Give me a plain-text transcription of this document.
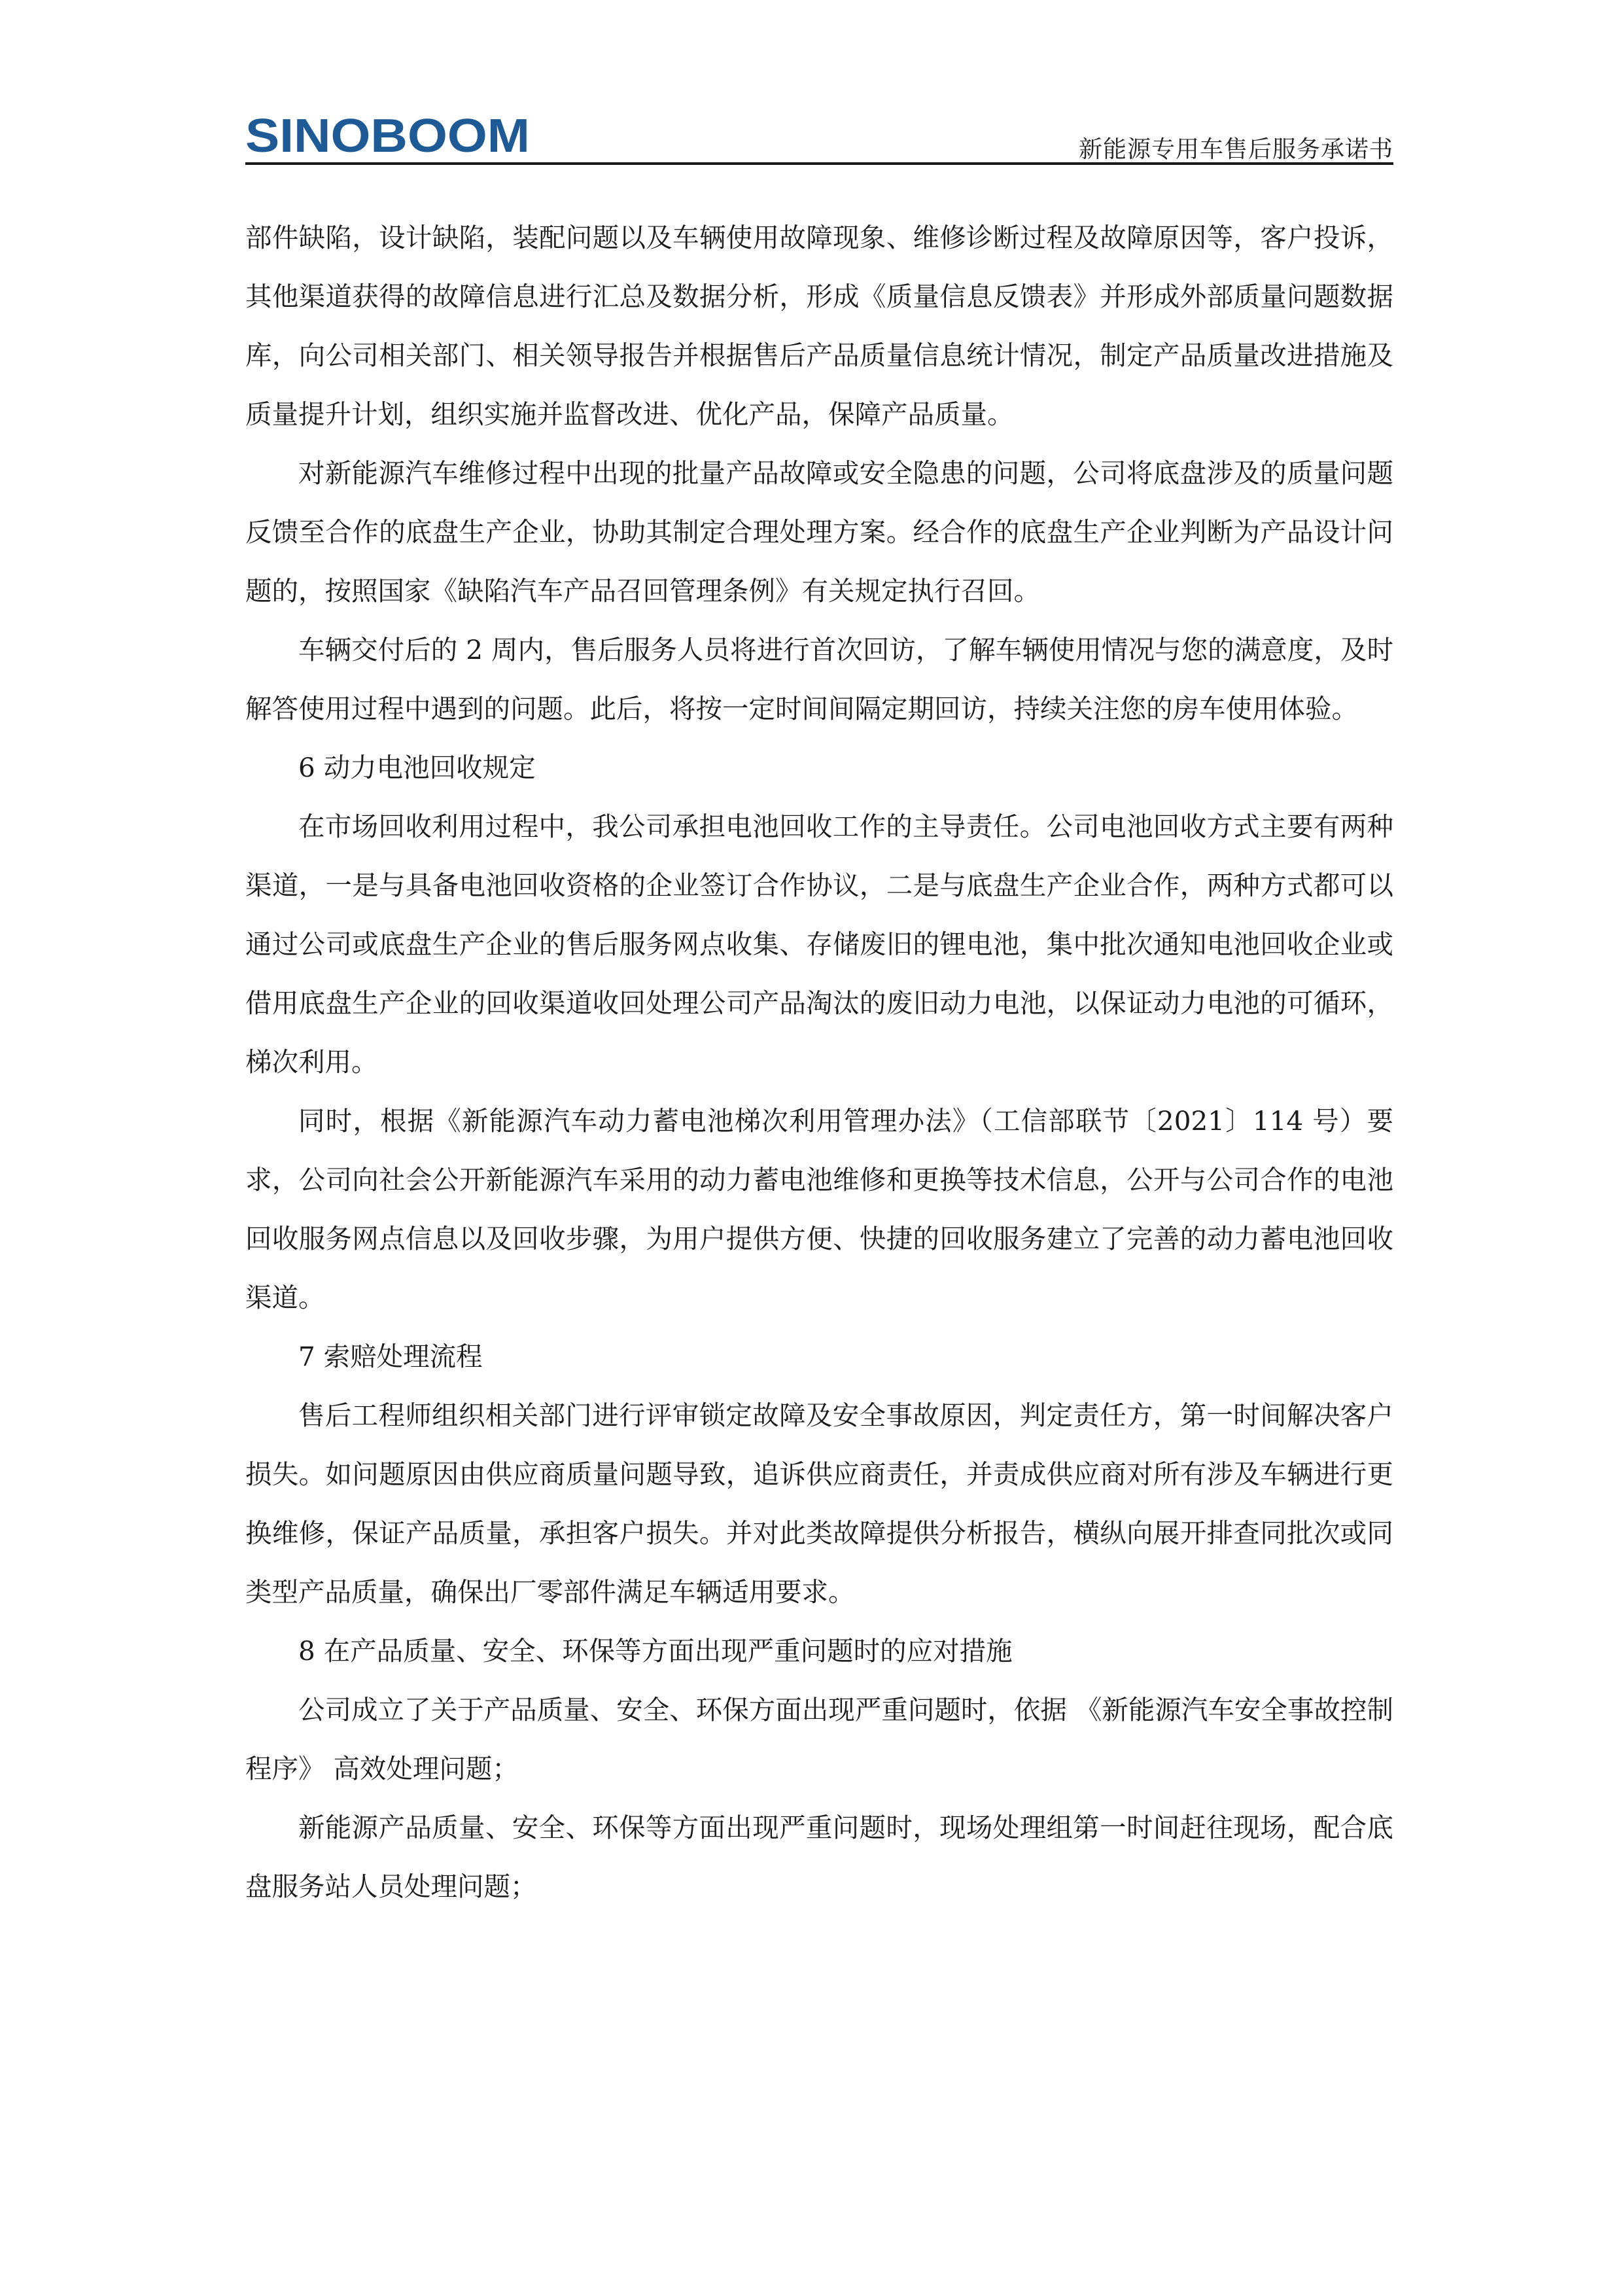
SINOBOOM	新能源专用车售后服务承诺书

部件缺陷，设计缺陷，装配问题以及车辆使用故障现象、维修诊断过程及故障原因等，客户投诉，其他渠道获得的故障信息进行汇总及数据分析，形成《质量信息反馈表》并形成外部质量问题数据库，向公司相关部门、相关领导报告并根据售后产品质量信息统计情况，制定产品质量改进措施及质量提升计划，组织实施并监督改进、优化产品，保障产品质量。

对新能源汽车维修过程中出现的批量产品故障或安全隐患的问题，公司将底盘涉及的质量问题反馈至合作的底盘生产企业，协助其制定合理处理方案。经合作的底盘生产企业判断为产品设计问题的，按照国家《缺陷汽车产品召回管理条例》有关规定执行召回。

车辆交付后的 2 周内，售后服务人员将进行首次回访，了解车辆使用情况与您的满意度，及时解答使用过程中遇到的问题。此后，将按一定时间间隔定期回访，持续关注您的房车使用体验。

6 动力电池回收规定

在市场回收利用过程中，我公司承担电池回收工作的主导责任。公司电池回收方式主要有两种渠道，一是与具备电池回收资格的企业签订合作协议，二是与底盘生产企业合作，两种方式都可以通过公司或底盘生产企业的售后服务网点收集、存储废旧的锂电池，集中批次通知电池回收企业或借用底盘生产企业的回收渠道收回处理公司产品淘汰的废旧动力电池，以保证动力电池的可循环，梯次利用。

同时，根据《新能源汽车动力蓄电池梯次利用管理办法》（工信部联节〔2021〕114 号）要求，公司向社会公开新能源汽车采用的动力蓄电池维修和更换等技术信息，公开与公司合作的电池回收服务网点信息以及回收步骤，为用户提供方便、快捷的回收服务建立了完善的动力蓄电池回收渠道。

7 索赔处理流程

售后工程师组织相关部门进行评审锁定故障及安全事故原因，判定责任方，第一时间解决客户损失。如问题原因由供应商质量问题导致，追诉供应商责任，并责成供应商对所有涉及车辆进行更换维修，保证产品质量，承担客户损失。并对此类故障提供分析报告，横纵向展开排查同批次或同类型产品质量，确保出厂零部件满足车辆适用要求。

8 在产品质量、安全、环保等方面出现严重问题时的应对措施

公司成立了关于产品质量、安全、环保方面出现严重问题时，依据 《新能源汽车安全事故控制程序》 高效处理问题；

新能源产品质量、安全、环保等方面出现严重问题时，现场处理组第一时间赶往现场，配合底盘服务站人员处理问题；
